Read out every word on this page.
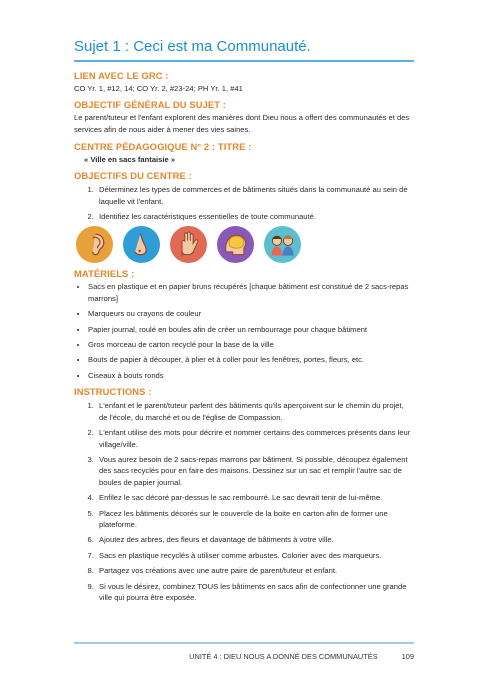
Sujet 1 : Ceci est ma Communauté.

LIEN AVEC LE GRC :

CO Yr. 1, #12, 14; CO Yr. 2, #23-24; PH Yr. 1, #41

OBJECTIF GÉNÉRAL DU SUJET :

Le parent/tuteur et l'enfant explorent des manières dont Dieu nous a offert des communautés et des services afin de nous aider à mener des vies saines.

CENTRE PÉDAGOGIQUE N° 2 : TITRE :

« Ville en sacs fantaisie »

OBJECTIFS DU CENTRE :

1. Déterminez les types de commerces et de bâtiments situés dans la communauté au sein de laquelle vit l'enfant.
2. Identifiez les caractéristiques essentielles de toute communauté.

MATÉRIELS :

• Sacs en plastique et en papier bruns récupérés [chaque bâtiment est constitué de 2 sacs-repas marrons]
• Marqueurs ou crayons de couleur
• Papier journal, roulé en boules afin de créer un rembourrage pour chaque bâtiment
• Gros morceau de carton recyclé pour la base de la ville
• Bouts de papier à découper, à plier et à coller pour les fenêtres, portes, fleurs, etc.
• Ciseaux à bouts ronds

INSTRUCTIONS :

1. L'enfant et le parent/tuteur parlent des bâtiments qu'ils aperçoivent sur le chemin du projet, de l'école, du marché et ou de l'église de Compassion.
2. L'enfant utilise des mots pour décrire et nommer certains des commerces présents dans leur village/ville.
3. Vous aurez besoin de 2 sacs-repas marrons par bâtiment. Si possible, découpez également des sacs recyclés pour en faire des maisons. Dessinez sur un sac et remplir l'autre sac de boules de papier journal.
4. Enfilez le sac décoré par-dessus le sac rembourré. Le sac devrait tenir de lui-même.
5. Placez les bâtiments décorés sur le couvercle de la boite en carton afin de former une plateforme.
6. Ajoutez des arbres, des fleurs et davantage de bâtiments à votre ville.
7. Sacs en plastique recyclés à utiliser comme arbustes. Colorier avec des marqueurs.
8. Partagez vos créations avec une autre paire de parent/tuteur et enfant.
9. Si vous le désirez, combinez TOUS les bâtiments en sacs afin de confectionner une grande ville qui pourra être exposée.
UNITÉ 4 : DIEU NOUS A DONNÉ DES COMMUNAUTÉS	109
